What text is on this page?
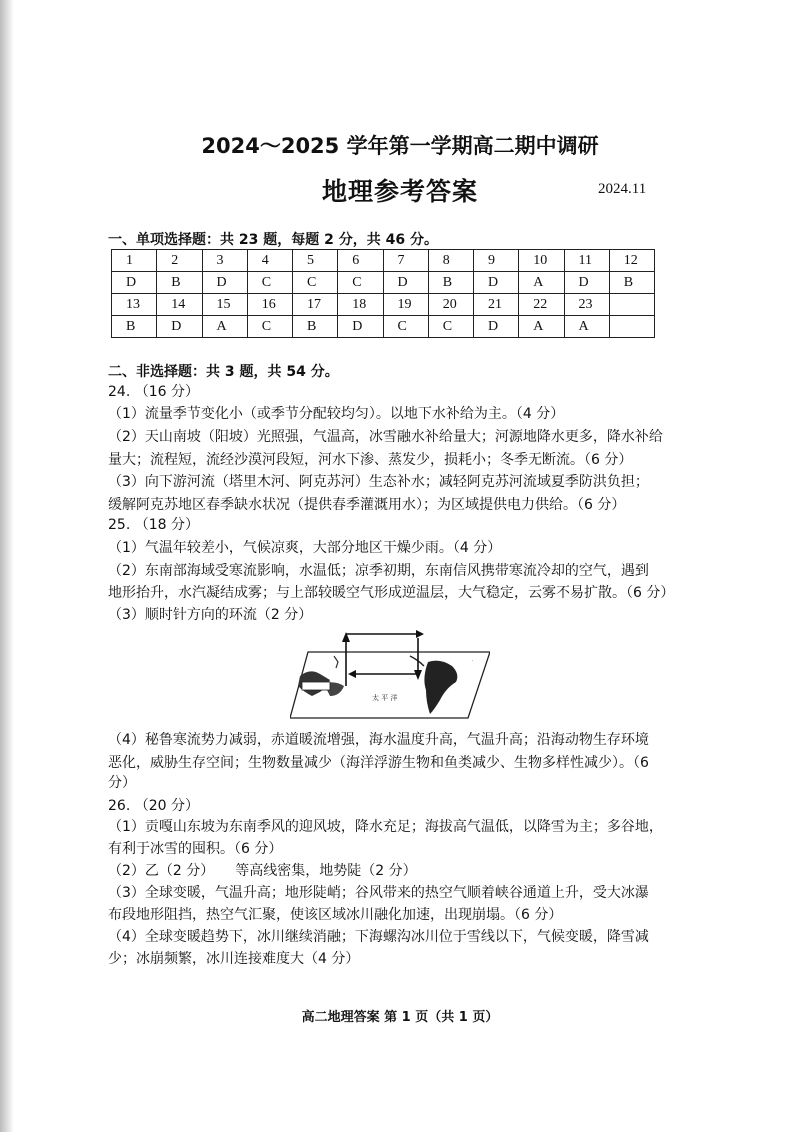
2024～2025 学年第一学期高二期中调研
地理参考答案	2024.11
一、单项选择题：共 23 题，每题 2 分，共 46 分。
1	2	3	4	5	6	7	8	9	10	11	12
D	B	D	C	C	C	D	B	D	A	D	B
13	14	15	16	17	18	19	20	21	22	23	
B	D	A	C	B	D	C	C	D	A	A	
二、非选择题：共 3 题，共 54 分。
24. （16 分）
（1）流量季节变化小（或季节分配较均匀）。以地下水补给为主。（4 分）
（2）天山南坡（阳坡）光照强，气温高，冰雪融水补给量大；河源地降水更多，降水补给
量大；流程短，流经沙漠河段短，河水下渗、蒸发少，损耗小；冬季无断流。（6 分）
（3）向下游河流（塔里木河、阿克苏河）生态补水；减轻阿克苏河流域夏季防洪负担；
缓解阿克苏地区春季缺水状况（提供春季灌溉用水）；为区域提供电力供给。（6 分）
25. （18 分）
（1）气温年较差小，气候凉爽，大部分地区干燥少雨。（4 分）
（2）东南部海域受寒流影响，水温低；凉季初期，东南信风携带寒流冷却的空气，遇到
地形抬升，水汽凝结成雾；与上部较暖空气形成逆温层，大气稳定，云雾不易扩散。（6 分）
（3）顺时针方向的环流（2 分）
太 平 洋
·
（4）秘鲁寒流势力减弱，赤道暖流增强，海水温度升高，气温升高；沿海动物生存环境
恶化，威胁生存空间；生物数量减少（海洋浮游生物和鱼类减少、生物多样性减少）。（6
分）
26. （20 分）
（1）贡嘎山东坡为东南季风的迎风坡，降水充足；海拔高气温低，以降雪为主；多谷地，
有利于冰雪的囤积。（6 分）
（2）乙（2 分）　　等高线密集，地势陡（2 分）
（3）全球变暖，气温升高；地形陡峭；谷风带来的热空气顺着峡谷通道上升，受大冰瀑
布段地形阻挡，热空气汇聚，使该区域冰川融化加速，出现崩塌。（6 分）
（4）全球变暖趋势下，冰川继续消融；下海螺沟冰川位于雪线以下，气候变暖，降雪减
少；冰崩频繁，冰川连接难度大（4 分）
高二地理答案 第 1 页（共 1 页）
